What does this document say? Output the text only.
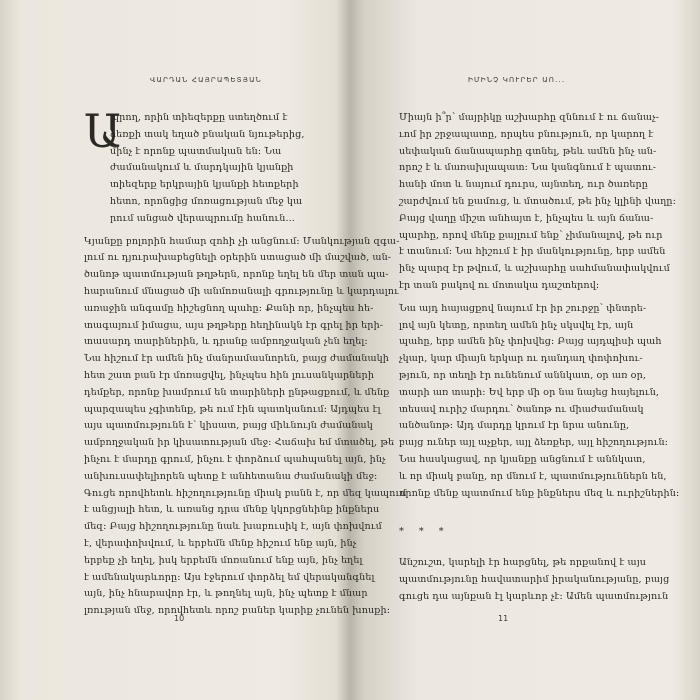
ՎԱՐԴԱՆ ՀԱՅՐԱՊԵՏՅԱՆ
Ա
պրող, որին տիեզերքը ստեղծում է
ձեռքի տակ եղած բնական նյութերից,
մինչ է որոնք պատմական են։ Նա
ժամանակում և մարդկային կյանքի
տիեզերք երկրային կյանքի հետքերի
հետո, որոնցից մոռացության մեջ կա
րում անցած վերապրումը հանուն...
Կյանքը բոլորին համար զոհի չի անցնում։ Մանկության զգա-
լում ու դյուրախաբեցնելի օրերին ստացած մի մաշված, ան-
ծանոթ պատմության թղթերն, որոնք եղել են մեր տան պա-
հարանում մնացած մի անմոռանալի գրությունը և կարդալու
առաջին անգամը հիշեցնող պահը։ Քանի որ, ինչպես հե-
տագայում իմացա, այս թղթերը հեղինակն էր գրել իր երի-
տասարդ տարիներին, և դրանք ամբողջական չեն եղել։
Նա հիշում էր ամեն ինչ մանրամասնորեն, բայց ժամանակի
հետ շատ բան էր մոռացվել, ինչպես հին լուսանկարների
դեմքեր, որոնք խամրում են տարիների ընթացքում, և մենք
պարզապես չգիտենք, թե ում էին պատկանում։ Այդպես էլ
այս պատմությունն է՝ կիսատ, բայց միևնույն ժամանակ
ամբողջական իր կիսատության մեջ։ Հաճախ եմ մտածել, թե
ինչու է մարդը գրում, ինչու է փորձում պահպանել այն, ինչ
անխուսափելիորեն պետք է անհետանա ժամանակի մեջ։
Գուցե որովհետև հիշողությունը միակ բանն է, որ մեզ կապում
է անցյալի հետ, և առանց դրա մենք կկորցնեինք ինքներս
մեզ։ Բայց հիշողությունը նաև խաբուսիկ է, այն փոխվում
է, վերափոխվում, և երբեմն մենք հիշում ենք այն, ինչ
երբեք չի եղել, իսկ երբեմն մոռանում ենք այն, ինչ եղել
է ամենակարևորը։ Այս էջերում փորձել եմ վերականգնել
այն, ինչ հնարավոր էր, և թողնել այն, ինչ պետք է մնար
լռության մեջ, որովհետև որոշ բաներ կարիք չունեն խոսքի։
10
ԻՄԻՆՉ ԿՈՒՐԵՐ ԱՈ...
Միայն ի՞ր՝ մայրիկը աշխարհը զննում է ու ճանաչ-
ւոմ իր շրջապատը, որպես բնություն, որ կարող է
սեփական ճանապարհը գտնել, թեև ամեն ինչ ան-
որոշ է և մառախլապատ։ Նա կանգնում է պատու-
հանի մոտ և նայում դուրս, այնտեղ, ուր ծառերը
շարժվում են քամուց, և մտածում, թե ինչ կլինի վաղը։
Բայց վաղը միշտ անհայտ է, ինչպես և այն ճանա-
պարհը, որով մենք քայլում ենք՝ չիմանալով, թե ուր
է տանում։ Նա հիշում է իր մանկությունը, երբ ամեն
ինչ պարզ էր թվում, և աշխարհը սահմանափակվում
էր տան բակով ու մոտակա դաշտերով։
Նա այդ հայացքով նայում էր իր շուրջը՝ փնտրե-
լով այն կետը, որտեղ ամեն ինչ սկսվել էր, այն
պահը, երբ ամեն ինչ փոխվեց։ Բայց այդպիսի պահ
չկար, կար միայն երկար ու դանդաղ փոփոխու-
թյուն, որ տեղի էր ունենում աննկատ, օր առ օր,
տարի առ տարի։ Եվ երբ մի օր նա նայեց հայելուն,
տեսավ ուրիշ մարդու՝ ծանոթ ու միաժամանակ
անծանոթ։ Այդ մարդը կրում էր նրա անունը,
բայց ուներ այլ աչքեր, այլ ձեռքեր, այլ հիշողություն։
Նա հասկացավ, որ կյանքը անցնում է աննկատ,
և որ միակ բանը, որ մնում է, պատմություններն են,
որոնք մենք պատմում ենք ինքներս մեզ և ուրիշներին։
* * *
Անշուշտ, կարելի էր հարցնել, թե որքանով է այս
պատմությունը հավատարիմ իրականությանը, բայց
գուցե դա այնքան էլ կարևոր չէ։ Ամեն պատմություն
11
